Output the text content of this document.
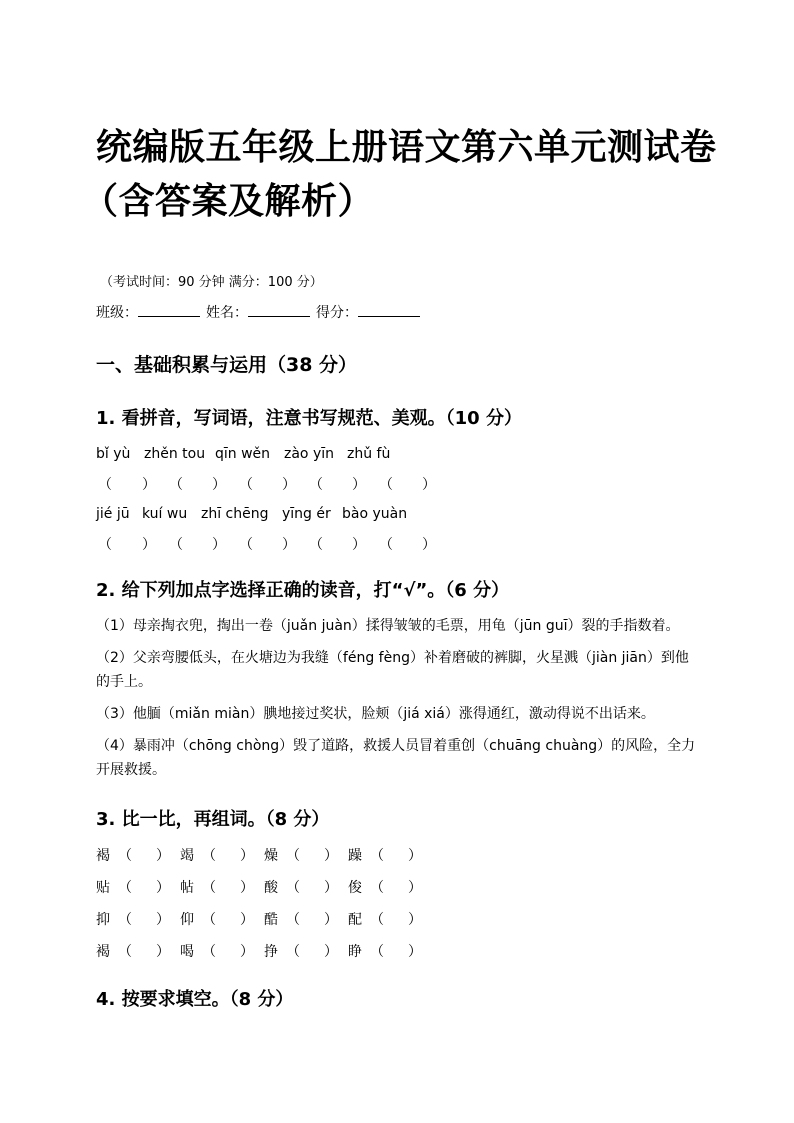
统编版五年级上册语文第六单元测试卷
（含答案及解析）
（考试时间：90 分钟 满分：100 分）
班级：	姓名：	得分：
一、基础积累与运用（38 分）
1. 看拼音，写词语，注意书写规范、美观。（10 分）
bǐ yù zhěn tou qīn wěn zào yīn zhǔ fù
（ ） （ ） （ ） （ ） （ ）
jié jū kuí wu zhī chēng yīng ér bào yuàn
（ ） （ ） （ ） （ ） （ ）
2. 给下列加点字选择正确的读音，打“√”。（6 分）
（1）母亲掏衣兜，掏出一卷（juǎn juàn）揉得皱皱的毛票，用龟（jūn guī）裂的手指数着。
（2）父亲弯腰低头，在火塘边为我缝（féng fèng）补着磨破的裤脚，火星溅（jiàn jiān）到他的手上。
（3）他腼（miǎn miàn）腆地接过奖状，脸颊（jiá xiá）涨得通红，激动得说不出话来。
（4）暴雨冲（chōng chòng）毁了道路，救援人员冒着重创（chuāng chuàng）的风险，全力开展救援。
3. 比一比，再组词。（8 分）
褐 （ ） 竭 （ ） 燥 （ ） 躁 （ ）
贴 （ ） 帖 （ ） 酸 （ ） 俊 （ ）
抑 （ ） 仰 （ ） 酷 （ ） 配 （ ）
褐 （ ） 喝 （ ） 挣 （ ） 睁 （ ）
4. 按要求填空。（8 分）
